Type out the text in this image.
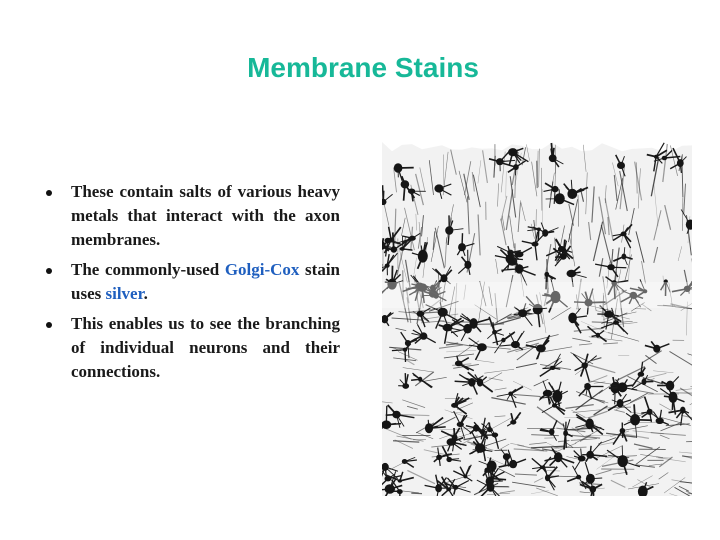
Membrane Stains
These contain salts of various heavy metals that interact with the axon membranes.
The commonly-used Golgi-Cox stain uses silver.
This enables us to see the branching of individual neurons and their connections.
